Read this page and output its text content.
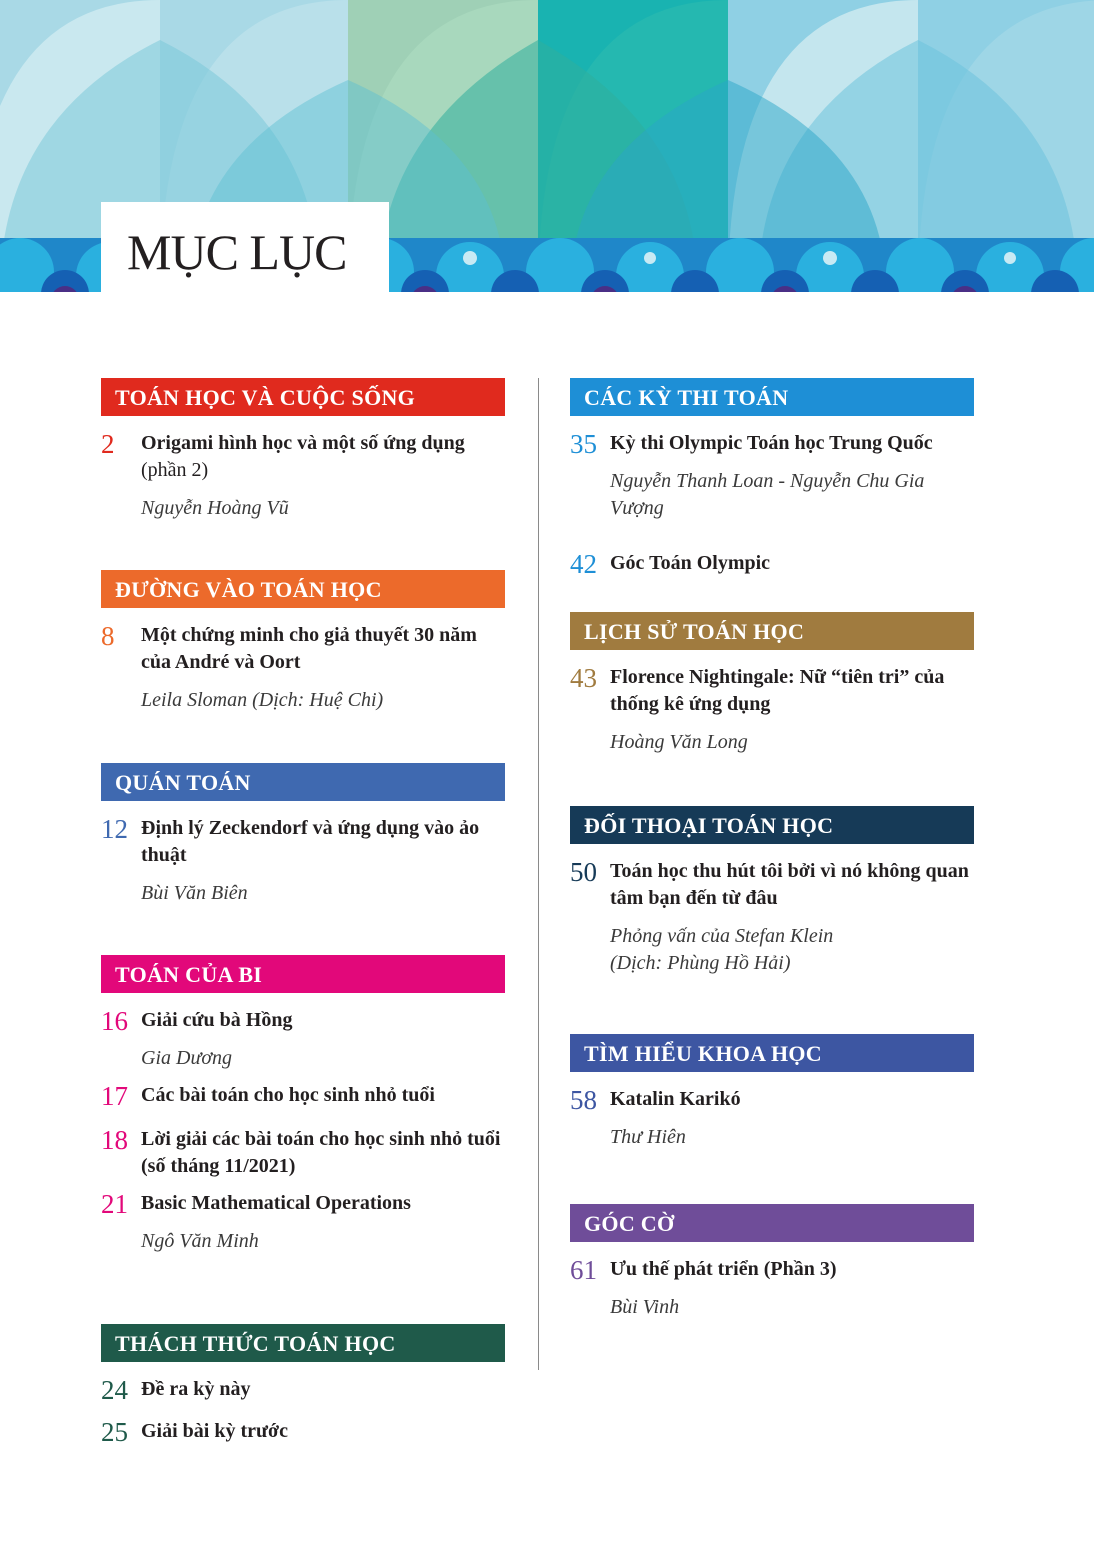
MỤC LỤC
TOÁN HỌC VÀ CUỘC SỐNG
2	Origami hình học và một số ứng dụng
(phần 2)
Nguyễn Hoàng Vũ
ĐƯỜNG VÀO TOÁN HỌC
8	Một chứng minh cho giả thuyết 30 năm của André và Oort
Leila Sloman (Dịch: Huệ Chi)
QUÁN TOÁN
12 Định lý Zeckendorf và ứng dụng vào ảo thuật
Bùi Văn Biên
TOÁN CỦA BI
16 Giải cứu bà Hồng
Gia Dương
17 Các bài toán cho học sinh nhỏ tuổi
18 Lời giải các bài toán cho học sinh nhỏ tuổi (số tháng 11/2021)
21 Basic Mathematical Operations
Ngô Văn Minh
THÁCH THỨC TOÁN HỌC
24 Đề ra kỳ này
25 Giải bài kỳ trước
CÁC KỲ THI TOÁN
35 Kỳ thi Olympic Toán học Trung Quốc
Nguyễn Thanh Loan - Nguyễn Chu Gia Vượng
42 Góc Toán Olympic
LỊCH SỬ TOÁN HỌC
43 Florence Nightingale: Nữ “tiên tri” của thống kê ứng dụng
Hoàng Văn Long
ĐỐI THOẠI TOÁN HỌC
50 Toán học thu hút tôi bởi vì nó không quan tâm bạn đến từ đâu
Phỏng vấn của Stefan Klein
(Dịch: Phùng Hồ Hải)
TÌM HIỂU KHOA HỌC
58 Katalin Karikó
Thư Hiên
GÓC CỜ
61 Ưu thế phát triển (Phần 3)
Bùi Vinh
